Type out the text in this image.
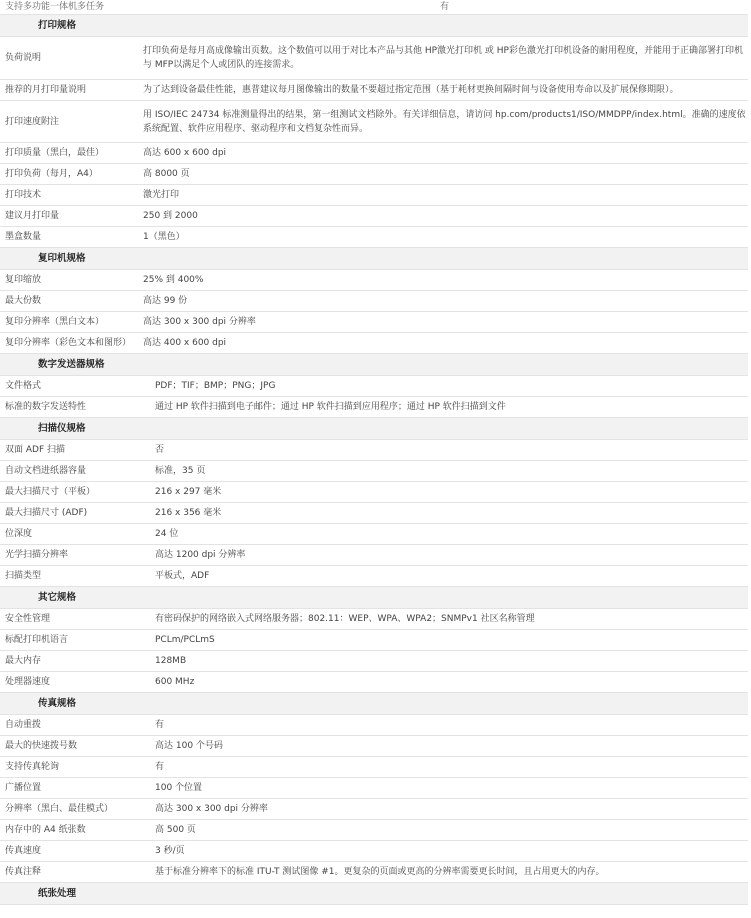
支持多功能一体机多任务	有
打印规格	
负荷说明	打印负荷是每月高成像输出页数。这个数值可以用于对比本产品与其他 HP激光打印机 或 HP彩色激光打印机设备的耐用程度，并能用于正确部署打印机与 MFP以满足个人或团队的连接需求。
推荐的月打印量说明	为了达到设备最佳性能，惠普建议每月图像输出的数量不要超过指定范围（基于耗材更换间隔时间与设备使用寿命以及扩展保修期限）。
打印速度附注	用 ISO/IEC 24734 标准测量得出的结果，第一组测试文档除外。有关详细信息，请访问 hp.com/products1/ISO/MMDPP/index.html。准确的速度依系统配置、软件应用程序、驱动程序和文档复杂性而异。
打印质量（黑白，最佳）	高达 600 x 600 dpi
打印负荷（每月，A4）	高 8000 页
打印技术	激光打印
建议月打印量	250 到 2000
墨盒数量	1（黑色）
复印机规格	
复印缩放	25% 到 400%
最大份数	高达 99 份
复印分辨率（黑白文本）	高达 300 x 300 dpi 分辨率
复印分辨率（彩色文本和图形）	高达 400 x 600 dpi
数字发送器规格	
文件格式	PDF；TIF；BMP；PNG；JPG
标准的数字发送特性	通过 HP 软件扫描到电子邮件；通过 HP 软件扫描到应用程序；通过 HP 软件扫描到文件
扫描仪规格	
双面 ADF 扫描	否
自动文档进纸器容量	标准，35 页
最大扫描尺寸（平板）	216 x 297 毫米
最大扫描尺寸 (ADF)	216 x 356 毫米
位深度	24 位
光学扫描分辨率	高达 1200 dpi 分辨率
扫描类型	平板式，ADF
其它规格	
安全性管理	有密码保护的网络嵌入式网络服务器；802.11：WEP、WPA、WPA2；SNMPv1 社区名称管理
标配打印机语言	PCLm/PCLmS
最大内存	128MB
处理器速度	600 MHz
传真规格	
自动重拨	有
最大的快速拨号数	高达 100 个号码
支持传真轮询	有
广播位置	100 个位置
分辨率（黑白、最佳模式）	高达 300 x 300 dpi 分辨率
内存中的 A4 纸张数	高 500 页
传真速度	3 秒/页
传真注释	基于标准分辨率下的标准 ITU-T 测试图像 #1。更复杂的页面或更高的分辨率需要更长时间，且占用更大的内存。
纸张处理	
